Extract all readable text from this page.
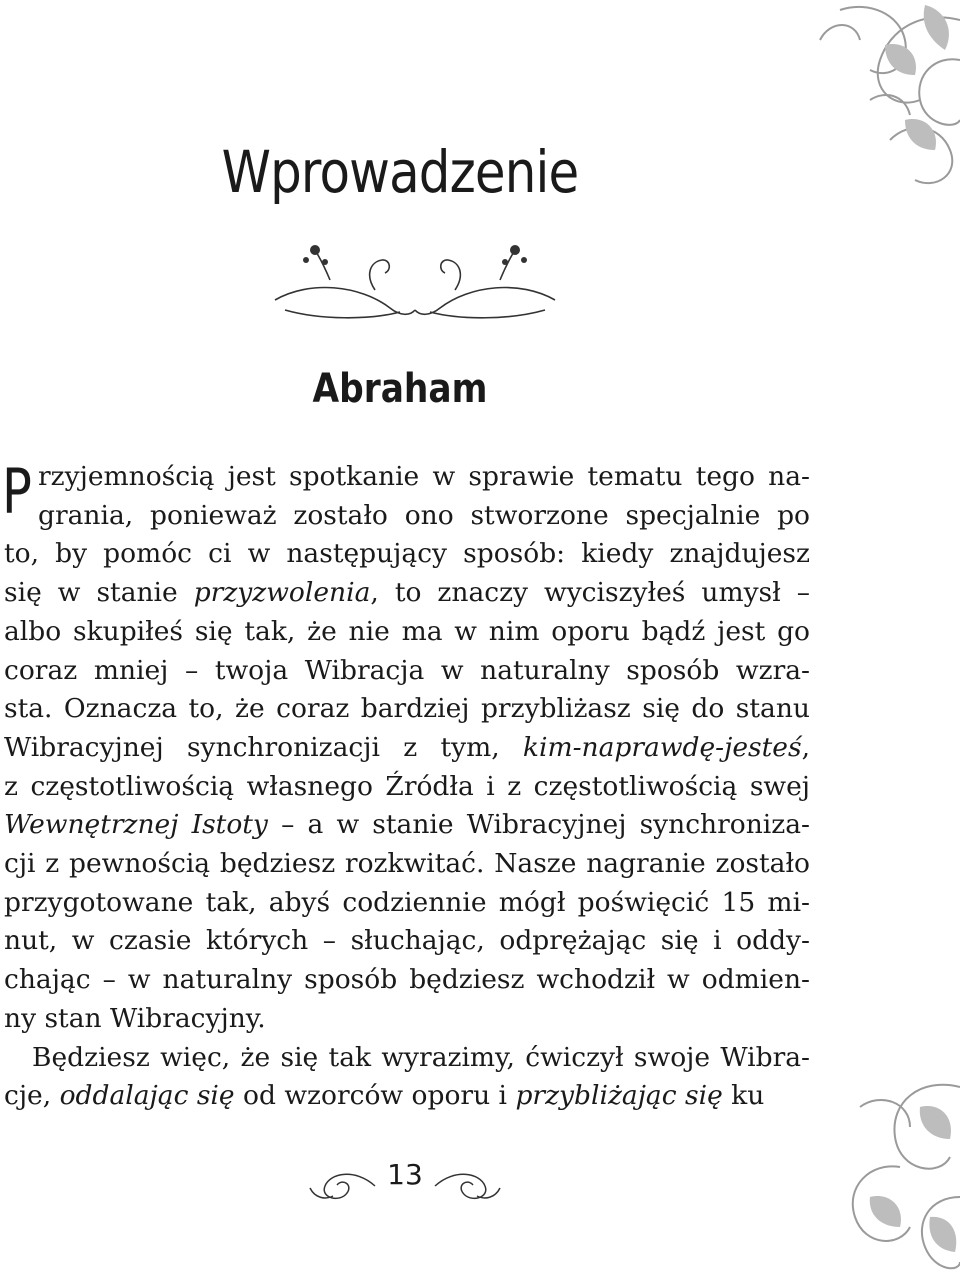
Wprowadzenie
Abraham
P rzyjemnością jest spotkanie w sprawie tematu tego na-
grania, ponieważ zostało ono stworzone specjalnie po
to, by pomóc ci w następujący sposób: kiedy znajdujesz
się w stanie przyzwolenia, to znaczy wyciszyłeś umysł –
albo skupiłeś się tak, że nie ma w nim oporu bądź jest go
coraz mniej – twoja Wibracja w naturalny sposób wzra-
sta. Oznacza to, że coraz bardziej przybliżasz się do stanu
Wibracyjnej synchronizacji z tym, kim-naprawdę-jesteś,
z częstotliwością własnego Źródła i z częstotliwością swej
Wewnętrznej Istoty – a w stanie Wibracyjnej synchroniza-
cji z pewnością będziesz rozkwitać. Nasze nagranie zostało
przygotowane tak, abyś codziennie mógł poświęcić 15 mi-
nut, w czasie których – słuchając, odprężając się i oddy-
chając – w naturalny sposób będziesz wchodził w odmien-
ny stan Wibracyjny.
Będziesz więc, że się tak wyrazimy, ćwiczył swoje Wibra-
cje, oddalając się od wzorców oporu i przybliżając się ku
13
